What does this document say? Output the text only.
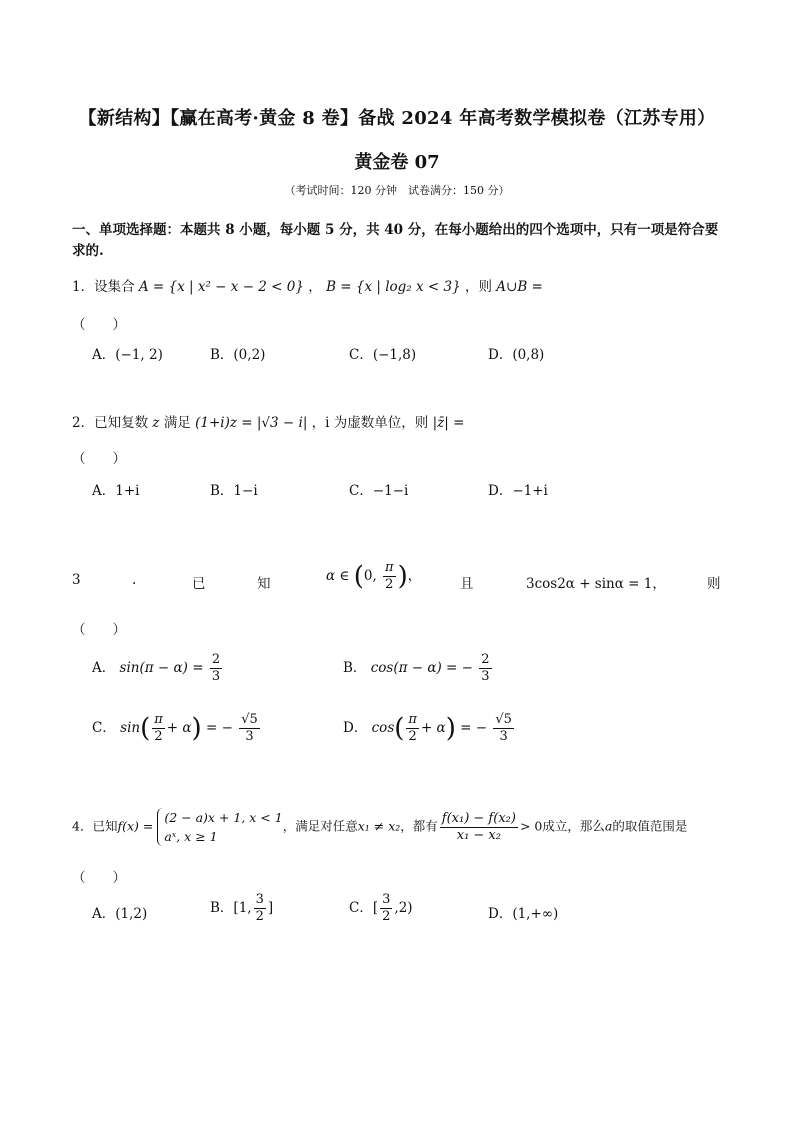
【新结构】【赢在高考·黄金 8 卷】备战 2024 年高考数学模拟卷（江苏专用）
黄金卷 07
（考试时间：120 分钟　试卷满分：150 分）
一、单项选择题：本题共 8 小题，每小题 5 分，共 40 分，在每小题给出的四个选项中，只有一项是符合要求的.
1．设集合 A = {x | x² − x − 2 < 0} ， B = {x | log₂ x < 3} ，则 A∪B =
（　　）
A．(−1, 2)	B．(0,2)	C．(−1,8)	D．(0,8)
2．已知复数 z 满足 (1+i)z = |√3 − i| ，i 为虚数单位，则 |z̄| =
（　　）
A．1+i	B．1−i	C．−1−i	D．−1+i
3	.	已	知	α ∈ (0, $\frac{\pi}{2}$ )，	且	3cos2α + sinα = 1，	则
（　　）
A． $\sin(\pi - \alpha) = \frac{2}{3}$	B． cos(π − α) = − $\frac{2}{3}$
C． $\sin( \frac{\pi}{2} + \alpha)$ = − $\frac{√5}{3}$	D． $\cos( \frac{\pi}{2} + \alpha)$ = − $\frac{√5}{3}$
4．已知f(x) =
(2 − a)x + 1, x < 1
aˣ, x ≥ 1
，满足对任意x₁ ≠ x₂，都有 $\frac{\text{f(x₁) − f(x₂)}}{\text{x₁ − x₂}} > 0$成立，那么a的取值范围是
（　　）
A．(1,2)	B．[1, $\frac{3}{2}$ ]	C．[ $\frac{3}{2} ,2$)	D．(1,+∞)
